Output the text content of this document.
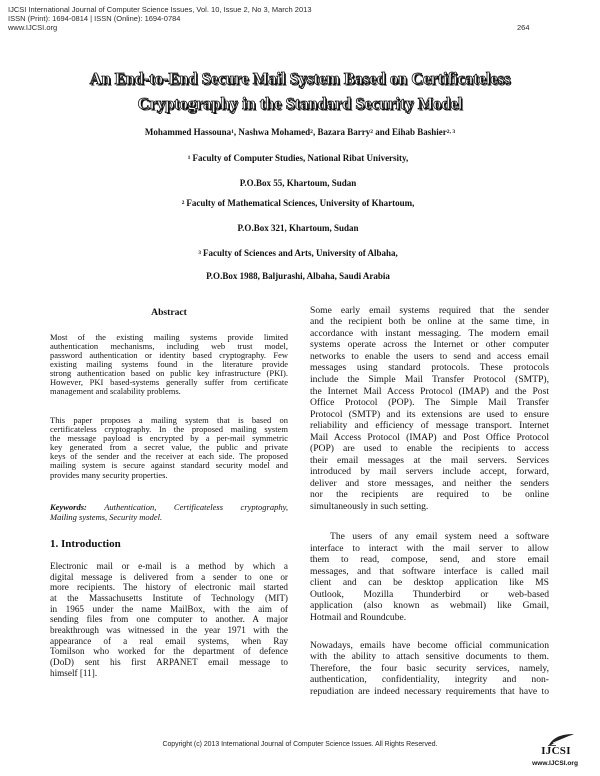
IJCSI International Journal of Computer Science Issues, Vol. 10, Issue 2, No 3, March 2013
ISSN (Print): 1694-0814 | ISSN (Online): 1694-0784
www.IJCSI.org	264
An End-to-End Secure Mail System Based on Certificateless
Cryptography in the Standard Security Model
Mohammed Hassouna$^1$, Nashwa Mohamed$^2$, Bazara Barry$^2$ and Eihab Bashier$^{2, 3}$
$^1$ Faculty of Computer Studies, National Ribat University,
P.O.Box 55, Khartoum, Sudan
$^2$ Faculty of Mathematical Sciences, University of Khartoum,
P.O.Box 321, Khartoum, Sudan
$^3$ Faculty of Sciences and Arts, University of Albaha,
P.O.Box 1988, Baljurashi, Albaha, Saudi Arabia
Abstract
Most of the existing mailing systems provide limited
authentication mechanisms, including web trust model,
password authentication or identity based cryptography. Few
existing mailing systems found in the literature provide
strong authentication based on public key infrastructure (PKI).
However, PKI based-systems generally suffer from certificate
management and scalability problems.
This paper proposes a mailing system that is based on
certificateless cryptography. In the proposed mailing system
the message payload is encrypted by a per-mail symmetric
key generated from a secret value, the public and private
keys of the sender and the receiver at each side. The proposed
mailing system is secure against standard security model and
provides many security properties.
Keywords: Authentication, Certificateless cryptography,
Mailing systems, Security model.
1. Introduction
Electronic mail or e-mail is a method by which a
digital message is delivered from a sender to one or
more recipients. The history of electronic mail started
at the Massachusetts Institute of Technology (MIT)
in 1965 under the name MailBox, with the aim of
sending files from one computer to another. A major
breakthrough was witnessed in the year 1971 with the
appearance of a real email systems, when Ray
Tomilson who worked for the department of defence
(DoD) sent his first ARPANET email message to
himself [11].
Some early email systems required that the sender
and the recipient both be online at the same time, in
accordance with instant messaging. The modern email
systems operate across the Internet or other computer
networks to enable the users to send and access email
messages using standard protocols. These protocols
include the Simple Mail Transfer Protocol (SMTP),
the Internet Mail Access Protocol (IMAP) and the Post
Office Protocol (POP). The Simple Mail Transfer
Protocol (SMTP) and its extensions are used to ensure
reliability and efficiency of message transport. Internet
Mail Access Protocol (IMAP) and Post Office Protocol
(POP) are used to enable the recipients to access
their email messages at the mail servers. Services
introduced by mail servers include accept, forward,
deliver and store messages, and neither the senders
nor the recipients are required to be online
simultaneously in such setting.
The users of any email system need a software
interface to interact with the mail server to allow
them to read, compose, send, and store email
messages, and that software interface is called mail
client and can be desktop application like MS
Outlook, Mozilla Thunderbird or web-based
application (also known as webmail) like Gmail,
Hotmail and Roundcube.
Nowadays, emails have become official communication
with the ability to attach sensitive documents to them.
Therefore, the four basic security services, namely,
authentication, confidentiality, integrity and non-
repudiation are indeed necessary requirements that have to
Copyright (c) 2013 International Journal of Computer Science Issues. All Rights Reserved.
IJCSI
www.IJCSI.org
